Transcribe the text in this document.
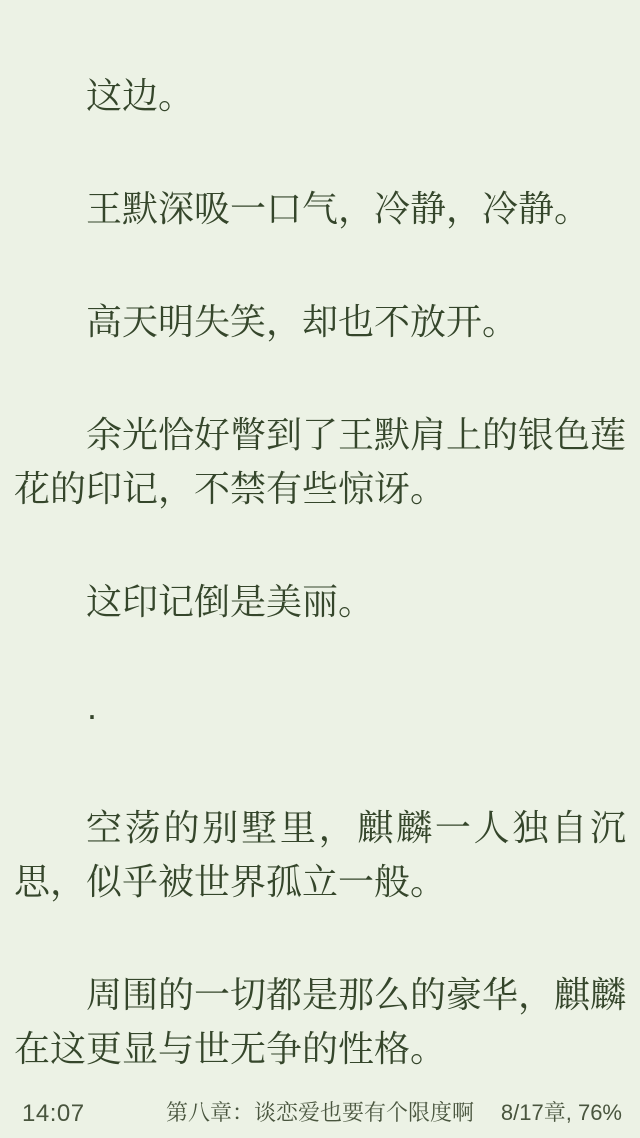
这边。

王默深吸一口气，冷静，冷静。

高天明失笑，却也不放开。

余光恰好瞥到了王默肩上的银色莲花的印记，不禁有些惊讶。

这印记倒是美丽。

·

空荡的别墅里，麒麟一人独自沉思，似乎被世界孤立一般。

周围的一切都是那么的豪华，麒麟在这更显与世无争的性格。

14:07	第八章：谈恋爱也要有个限度啊 8/17章, 76%
